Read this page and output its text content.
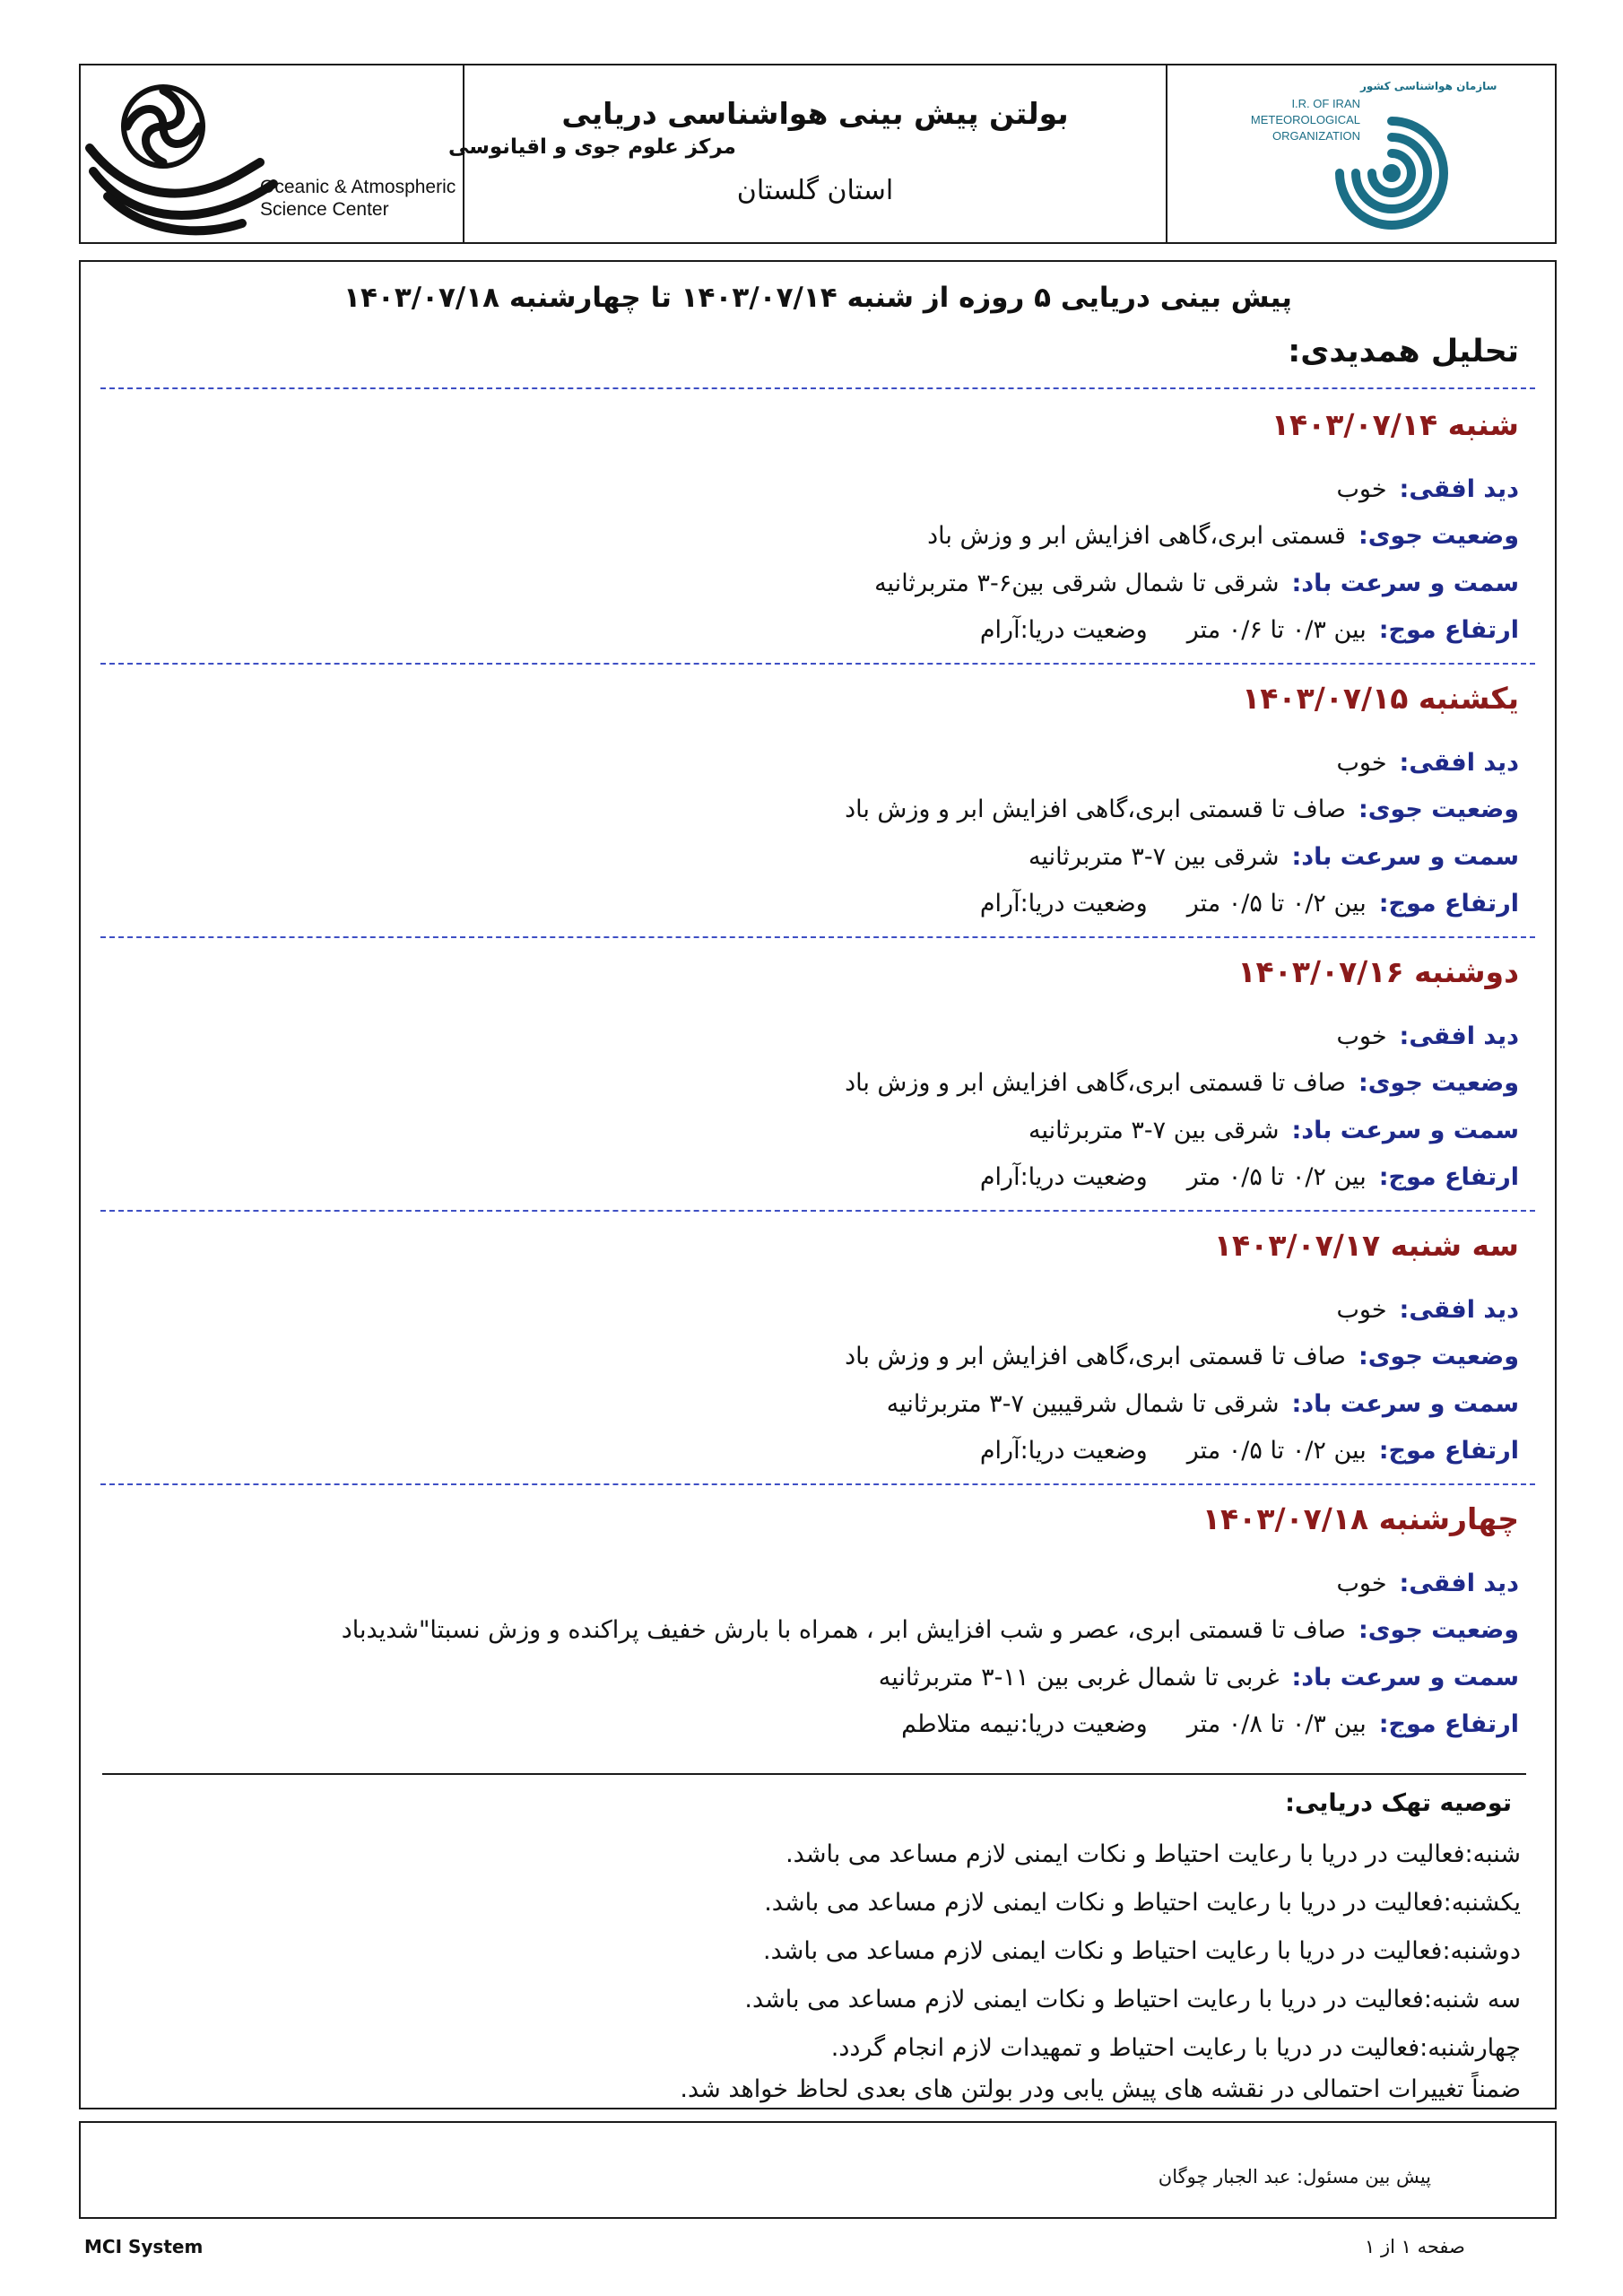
مرکز علوم جوی و اقیانوسی
Oceanic & Atmospheric
Science Center
بولتن پیش بینی هواشناسی دریایی
استان گلستان
سازمان هواشناسی کشور
I.R. OF IRAN
METEOROLOGICAL
ORGANIZATION
پیش بینی دریایی ۵ روزه از شنبه ۱۴۰۳/۰۷/۱۴ تا چهارشنبه ۱۴۰۳/۰۷/۱۸
تحلیل همدیدی:
شنبه ۱۴۰۳/۰۷/۱۴
دید افقی:خوب
وضعیت جوی:قسمتی ابری،گاهی افزایش ابر و وزش باد
سمت و سرعت باد:شرقی تا شمال شرقی بین۶-۳ متربرثانیه
ارتفاع موج:بین ۰/۳ تا ۰/۶ متروضعیت دریا:آرام
یکشنبه ۱۴۰۳/۰۷/۱۵
دید افقی:خوب
وضعیت جوی:صاف تا قسمتی ابری،گاهی افزایش ابر و وزش باد
سمت و سرعت باد:شرقی بین ۷-۳ متربرثانیه
ارتفاع موج:بین ۰/۲ تا ۰/۵ متروضعیت دریا:آرام
دوشنبه ۱۴۰۳/۰۷/۱۶
دید افقی:خوب
وضعیت جوی:صاف تا قسمتی ابری،گاهی افزایش ابر و وزش باد
سمت و سرعت باد:شرقی بین ۷-۳ متربرثانیه
ارتفاع موج:بین ۰/۲ تا ۰/۵ متروضعیت دریا:آرام
سه شنبه ۱۴۰۳/۰۷/۱۷
دید افقی:خوب
وضعیت جوی:صاف تا قسمتی ابری،گاهی افزایش ابر و وزش باد
سمت و سرعت باد:شرقی تا شمال شرقیبین ۷-۳ متربرثانیه
ارتفاع موج:بین ۰/۲ تا ۰/۵ متروضعیت دریا:آرام
چهارشنبه ۱۴۰۳/۰۷/۱۸
دید افقی:خوب
وضعیت جوی:صاف تا قسمتی ابری، عصر و شب افزایش ابر ، همراه با بارش خفیف پراکنده و وزش نسبتا"شدیدباد
سمت و سرعت باد:غربی تا شمال غربی بین ۱۱-۳ متربرثانیه
ارتفاع موج:بین ۰/۳ تا ۰/۸ متروضعیت دریا:نیمه متلاطم
توصیه تهک دریایی:
شنبه:فعالیت در دریا با رعایت احتیاط و نکات ایمنی لازم مساعد می باشد.
یکشنبه:فعالیت در دریا با رعایت احتیاط و نکات ایمنی لازم مساعد می باشد.
دوشنبه:فعالیت در دریا با رعایت احتیاط و نکات ایمنی لازم مساعد می باشد.
سه شنبه:فعالیت در دریا با رعایت احتیاط و نکات ایمنی لازم مساعد می باشد.
چهارشنبه:فعالیت در دریا با رعایت احتیاط و تمهیدات لازم انجام گردد.
ضمناً تغییرات احتمالی در نقشه های پیش یابی ودر بولتن های بعدی لحاظ خواهد شد.
پیش بین مسئول: عبد الجبار چوگان
MCI System	صفحه ۱ از ۱
